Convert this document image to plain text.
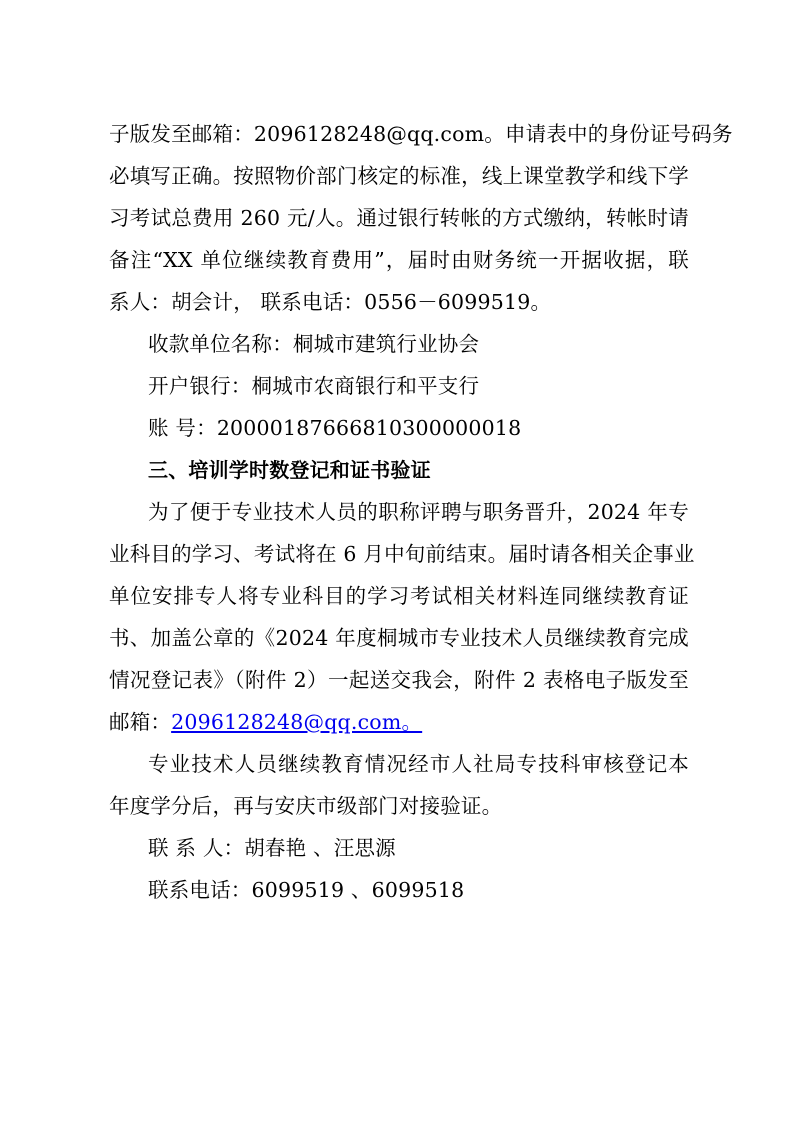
子版发至邮箱：2096128248@qq.com。申请表中的身份证号码务
必填写正确。按照物价部门核定的标准，线上课堂教学和线下学
习考试总费用 260 元/人。通过银行转帐的方式缴纳，转帐时请
备注“XX 单位继续教育费用”，届时由财务统一开据收据，联
系人：胡会计， 联系电话：0556－6099519。
收款单位名称：桐城市建筑行业协会
开户银行：桐城市农商银行和平支行
账 号：20000187666810300000018
三、培训学时数登记和证书验证
为了便于专业技术人员的职称评聘与职务晋升，2024 年专
业科目的学习、考试将在 6 月中旬前结束。届时请各相关企事业
单位安排专人将专业科目的学习考试相关材料连同继续教育证
书、加盖公章的《2024 年度桐城市专业技术人员继续教育完成
情况登记表》（附件 2）一起送交我会，附件 2 表格电子版发至
邮箱：2096128248@qq.com。
专业技术人员继续教育情况经市人社局专技科审核登记本
年度学分后，再与安庆市级部门对接验证。
联 系 人：胡春艳 、汪思源
联系电话：6099519 、6099518
